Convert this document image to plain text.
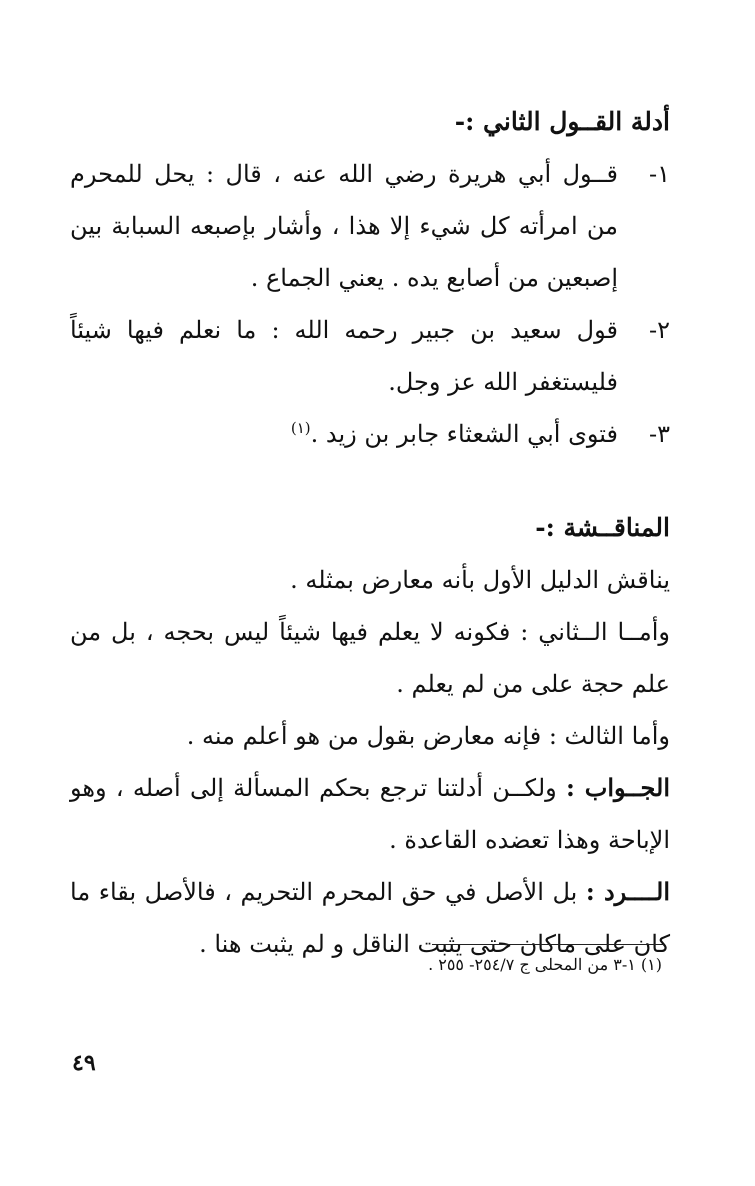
أدلة القــول الثاني :-
١-
قــول أبي هريرة رضي الله عنه ، قال : يحل للمحرم من امرأته كل شيء إلا هذا ، وأشار بإصبعه السبابة بين إصبعين من أصابع يده . يعني الجماع .
٢-
قول سعيد بن جبير رحمه الله : ما نعلم فيها شيئاً فليستغفر الله عز وجل.
٣-
فتوى أبي الشعثاء جابر بن زيد .$^{(١)}$
المناقــشة :-

يناقش الدليل الأول بأنه معارض بمثله .

وأمــا الــثاني : فكونه لا يعلم فيها شيئاً ليس بحجه ، بل من علم حجة على من لم يعلم .

وأما الثالث : فإنه معارض بقول من هو أعلم منه .

الجــواب : ولكــن أدلتنا ترجع بحكم المسألة إلى أصله ، وهو الإباحة وهذا تعضده القاعدة .

الــــرد : بل الأصل في حق المحرم التحريم ، فالأصل بقاء ما كان على ماكان حتى يثبت الناقل و لم يثبت هنا .

(١) ١-٣ من المحلى ج ٢٥٤/٧- ٢٥٥ .
٤٩
